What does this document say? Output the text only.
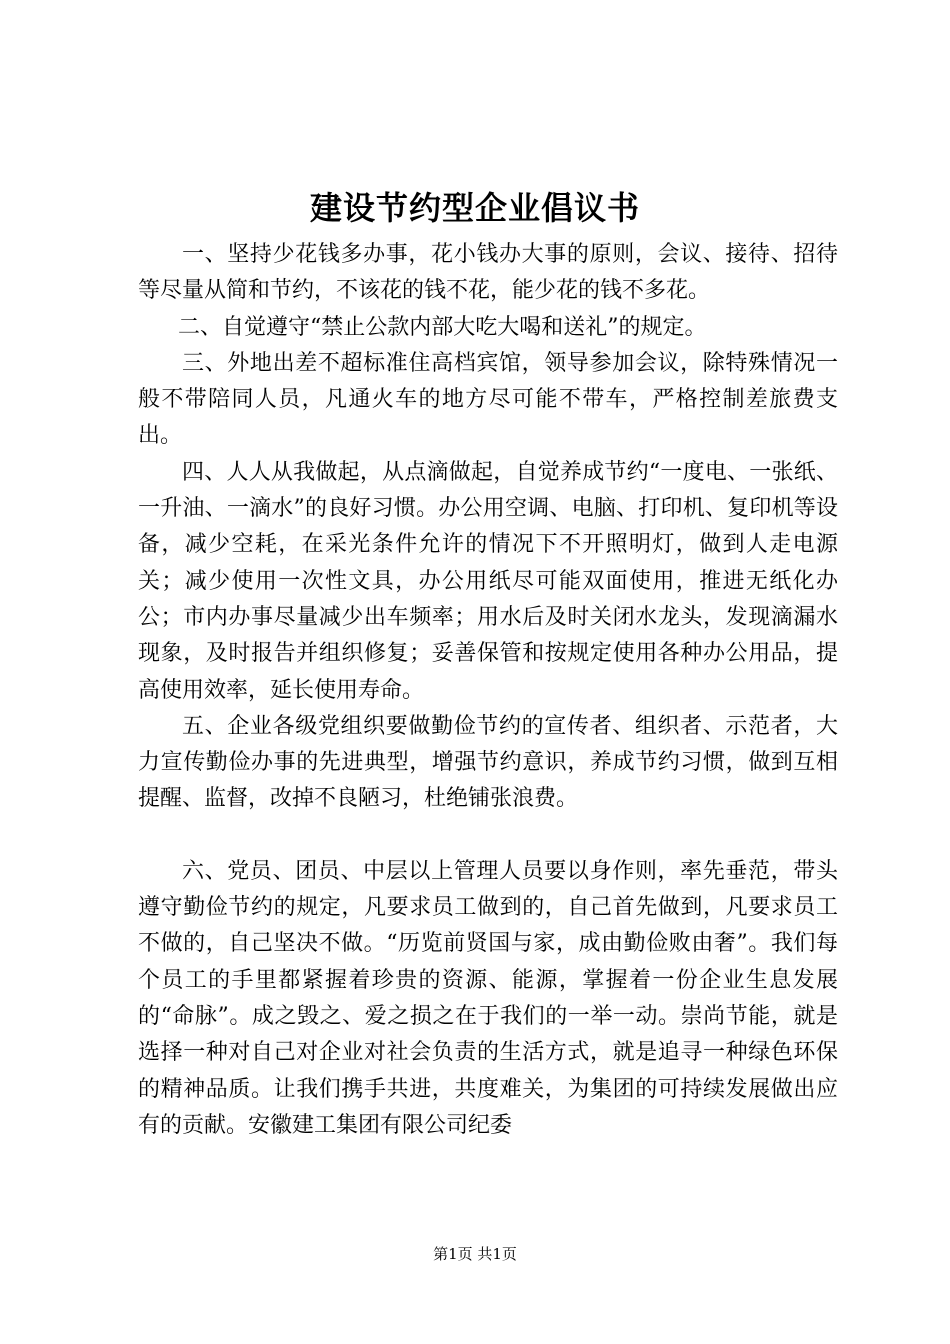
建设节约型企业倡议书

一、坚持少花钱多办事，花小钱办大事的原则，会议、接待、招待等尽量从简和节约，不该花的钱不花，能少花的钱不多花。

二、自觉遵守“禁止公款内部大吃大喝和送礼”的规定。

三、外地出差不超标准住高档宾馆，领导参加会议，除特殊情况一般不带陪同人员，凡通火车的地方尽可能不带车，严格控制差旅费支出。

四、人人从我做起，从点滴做起，自觉养成节约“一度电、一张纸、一升油、一滴水”的良好习惯。办公用空调、电脑、打印机、复印机等设备，减少空耗，在采光条件允许的情况下不开照明灯，做到人走电源关；减少使用一次性文具，办公用纸尽可能双面使用，推进无纸化办公；市内办事尽量减少出车频率；用水后及时关闭水龙头，发现滴漏水现象，及时报告并组织修复；妥善保管和按规定使用各种办公用品，提高使用效率，延长使用寿命。

五、企业各级党组织要做勤俭节约的宣传者、组织者、示范者，大力宣传勤俭办事的先进典型，增强节约意识，养成节约习惯，做到互相提醒、监督，改掉不良陋习，杜绝铺张浪费。

六、党员、团员、中层以上管理人员要以身作则，率先垂范，带头遵守勤俭节约的规定，凡要求员工做到的，自己首先做到，凡要求员工不做的，自己坚决不做。“历览前贤国与家，成由勤俭败由奢”。我们每个员工的手里都紧握着珍贵的资源、能源，掌握着一份企业生息发展的“命脉”。成之毁之、爱之损之在于我们的一举一动。崇尚节能，就是选择一种对自己对企业对社会负责的生活方式，就是追寻一种绿色环保的精神品质。让我们携手共进，共度难关，为集团的可持续发展做出应有的贡献。安徽建工集团有限公司纪委

第1页 共1页
